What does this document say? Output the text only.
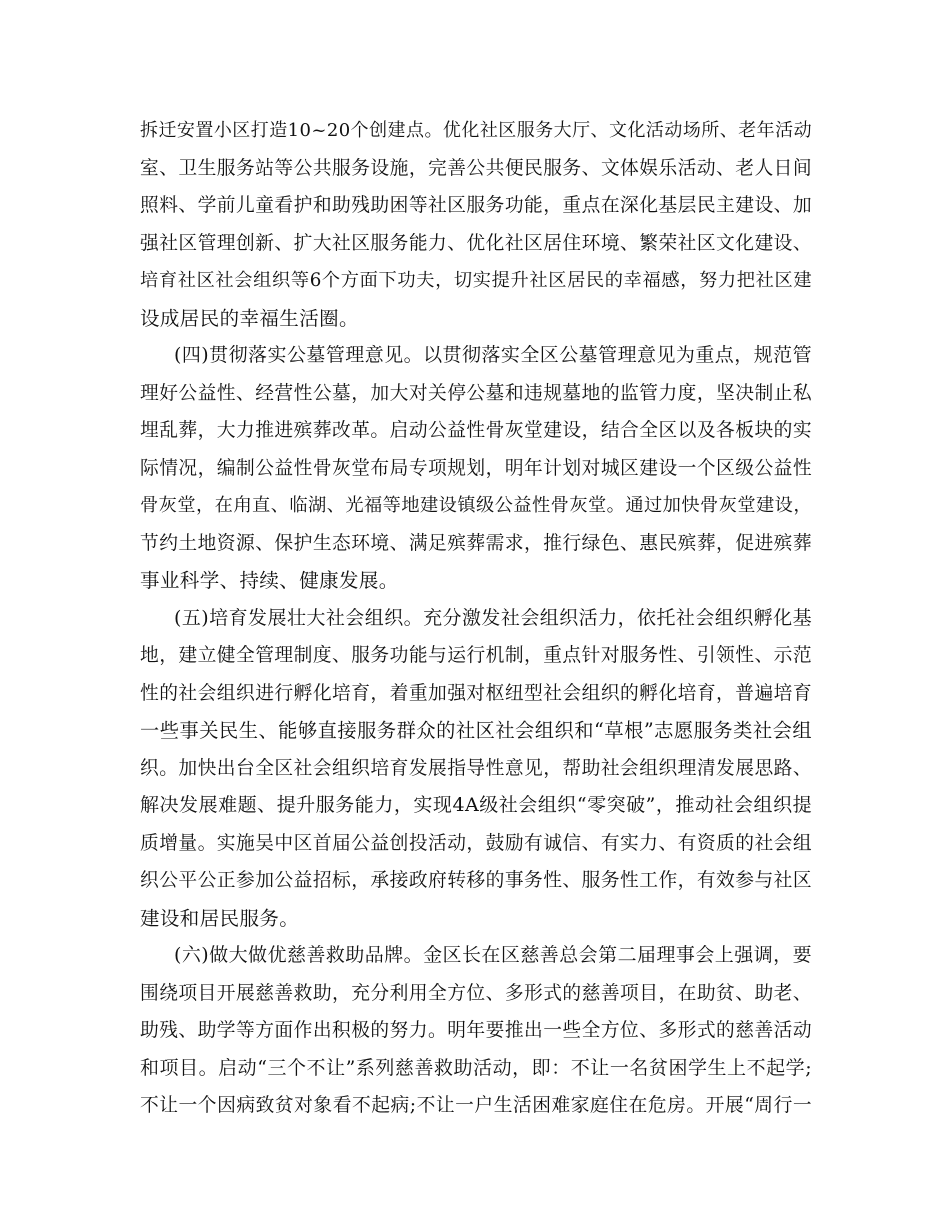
拆迁安置小区打造10~20个创建点。优化社区服务大厅、文化活动场所、老年活动
室、卫生服务站等公共服务设施，完善公共便民服务、文体娱乐活动、老人日间
照料、学前儿童看护和助残助困等社区服务功能，重点在深化基层民主建设、加
强社区管理创新、扩大社区服务能力、优化社区居住环境、繁荣社区文化建设、
培育社区社会组织等6个方面下功夫，切实提升社区居民的幸福感，努力把社区建
设成居民的幸福生活圈。
(四)贯彻落实公墓管理意见。以贯彻落实全区公墓管理意见为重点，规范管
理好公益性、经营性公墓，加大对关停公墓和违规墓地的监管力度，坚决制止私
埋乱葬，大力推进殡葬改革。启动公益性骨灰堂建设，结合全区以及各板块的实
际情况，编制公益性骨灰堂布局专项规划，明年计划对城区建设一个区级公益性
骨灰堂，在甪直、临湖、光福等地建设镇级公益性骨灰堂。通过加快骨灰堂建设，
节约土地资源、保护生态环境、满足殡葬需求，推行绿色、惠民殡葬，促进殡葬
事业科学、持续、健康发展。
(五)培育发展壮大社会组织。充分激发社会组织活力，依托社会组织孵化基
地，建立健全管理制度、服务功能与运行机制，重点针对服务性、引领性、示范
性的社会组织进行孵化培育，着重加强对枢纽型社会组织的孵化培育，普遍培育
一些事关民生、能够直接服务群众的社区社会组织和“草根”志愿服务类社会组
织。加快出台全区社会组织培育发展指导性意见，帮助社会组织理清发展思路、
解决发展难题、提升服务能力，实现4A级社会组织“零突破”，推动社会组织提
质增量。实施吴中区首届公益创投活动，鼓励有诚信、有实力、有资质的社会组
织公平公正参加公益招标，承接政府转移的事务性、服务性工作，有效参与社区
建设和居民服务。
(六)做大做优慈善救助品牌。金区长在区慈善总会第二届理事会上强调，要
围绕项目开展慈善救助，充分利用全方位、多形式的慈善项目，在助贫、助老、
助残、助学等方面作出积极的努力。明年要推出一些全方位、多形式的慈善活动
和项目。启动“三个不让”系列慈善救助活动，即：不让一名贫困学生上不起学;
不让一个因病致贫对象看不起病;不让一户生活困难家庭住在危房。开展“周行一
